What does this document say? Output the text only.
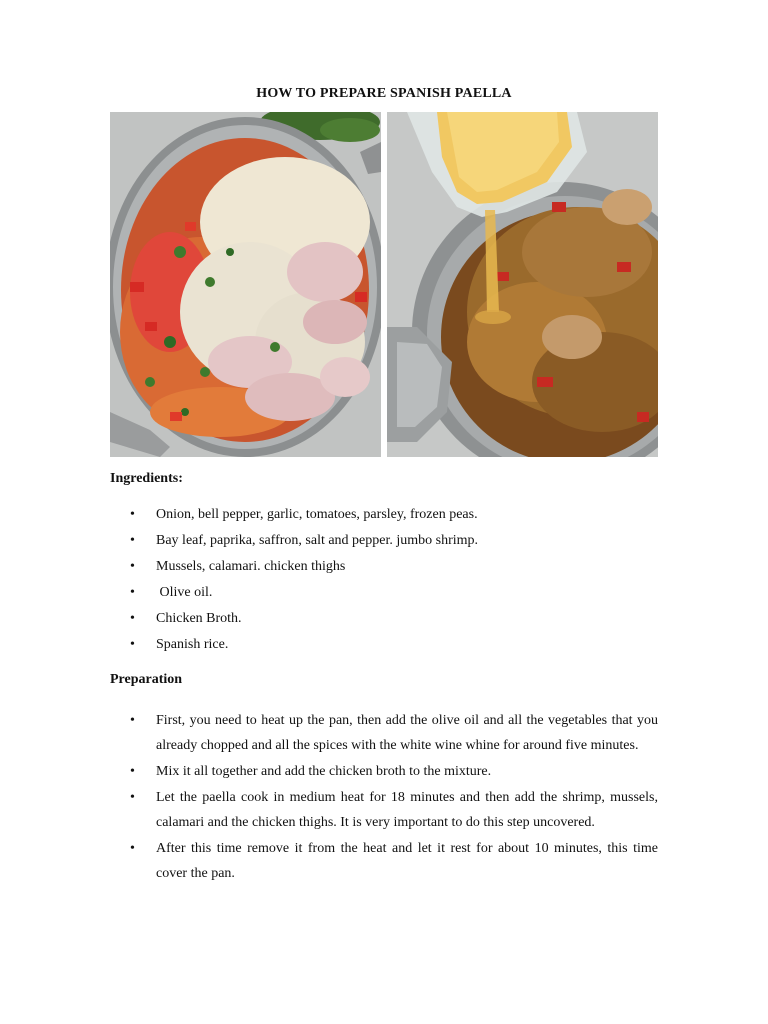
HOW TO PREPARE SPANISH PAELLA
Ingredients:
• Onion, bell pepper, garlic, tomatoes, parsley, frozen peas.
• Bay leaf, paprika, saffron, salt and pepper. jumbo shrimp.
• Mussels, calamari. chicken thighs
• Olive oil.
• Chicken Broth.
• Spanish rice.
Preparation
• First, you need to heat up the pan, then add the olive oil and all the vegetables that you already chopped and all the spices with the white wine whine for around five minutes.
• Mix it all together and add the chicken broth to the mixture.
• Let the paella cook in medium heat for 18 minutes and then add the shrimp, mussels, calamari and the chicken thighs. It is very important to do this step uncovered.
• After this time remove it from the heat and let it rest for about 10 minutes, this time cover the pan.
